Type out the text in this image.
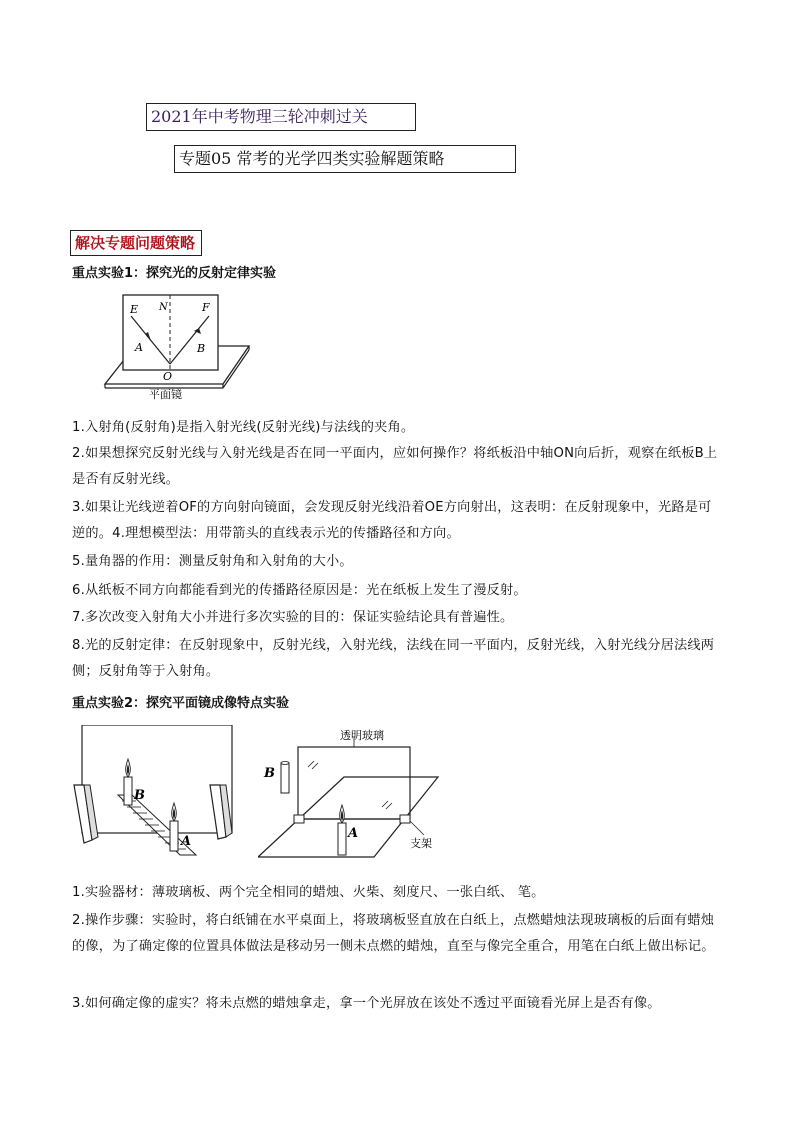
2021年中考物理三轮冲刺过关
专题05 常考的光学四类实验解题策略
解决专题问题策略
重点实验1：探究光的反射定律实验
E N	F
A	B
O
平面镜
1.入射角(反射角)是指入射光线(反射光线)与法线的夹角。
2.如果想探究反射光线与入射光线是否在同一平面内，应如何操作？将纸板沿中轴ON向后折，观察在纸板B上是否有反射光线。
3.如果让光线逆着OF的方向射向镜面，会发现反射光线沿着OE方向射出，这表明：在反射现象中，光路是可逆的。4.理想模型法：用带箭头的直线表示光的传播路径和方向。
5.量角器的作用：测量反射角和入射角的大小。
6.从纸板不同方向都能看到光的传播路径原因是：光在纸板上发生了漫反射。
7.多次改变入射角大小并进行多次实验的目的：保证实验结论具有普遍性。
8.光的反射定律：在反射现象中，反射光线，入射光线，法线在同一平面内，反射光线，入射光线分居法线两侧；反射角等于入射角。
重点实验2：探究平面镜成像特点实验
B
A
透明玻璃
支架
B
A
1.实验器材：薄玻璃板、两个完全相同的蜡烛、火柴、刻度尺、一张白纸、 笔。
2.操作步骤：实验时，将白纸铺在水平桌面上，将玻璃板竖直放在白纸上，点燃蜡烛法现玻璃板的后面有蜡烛的像，为了确定像的位置具体做法是移动另一侧未点燃的蜡烛，直至与像完全重合，用笔在白纸上做出标记。
3.如何确定像的虚实？将未点燃的蜡烛拿走，拿一个光屏放在该处不透过平面镜看光屏上是否有像。
